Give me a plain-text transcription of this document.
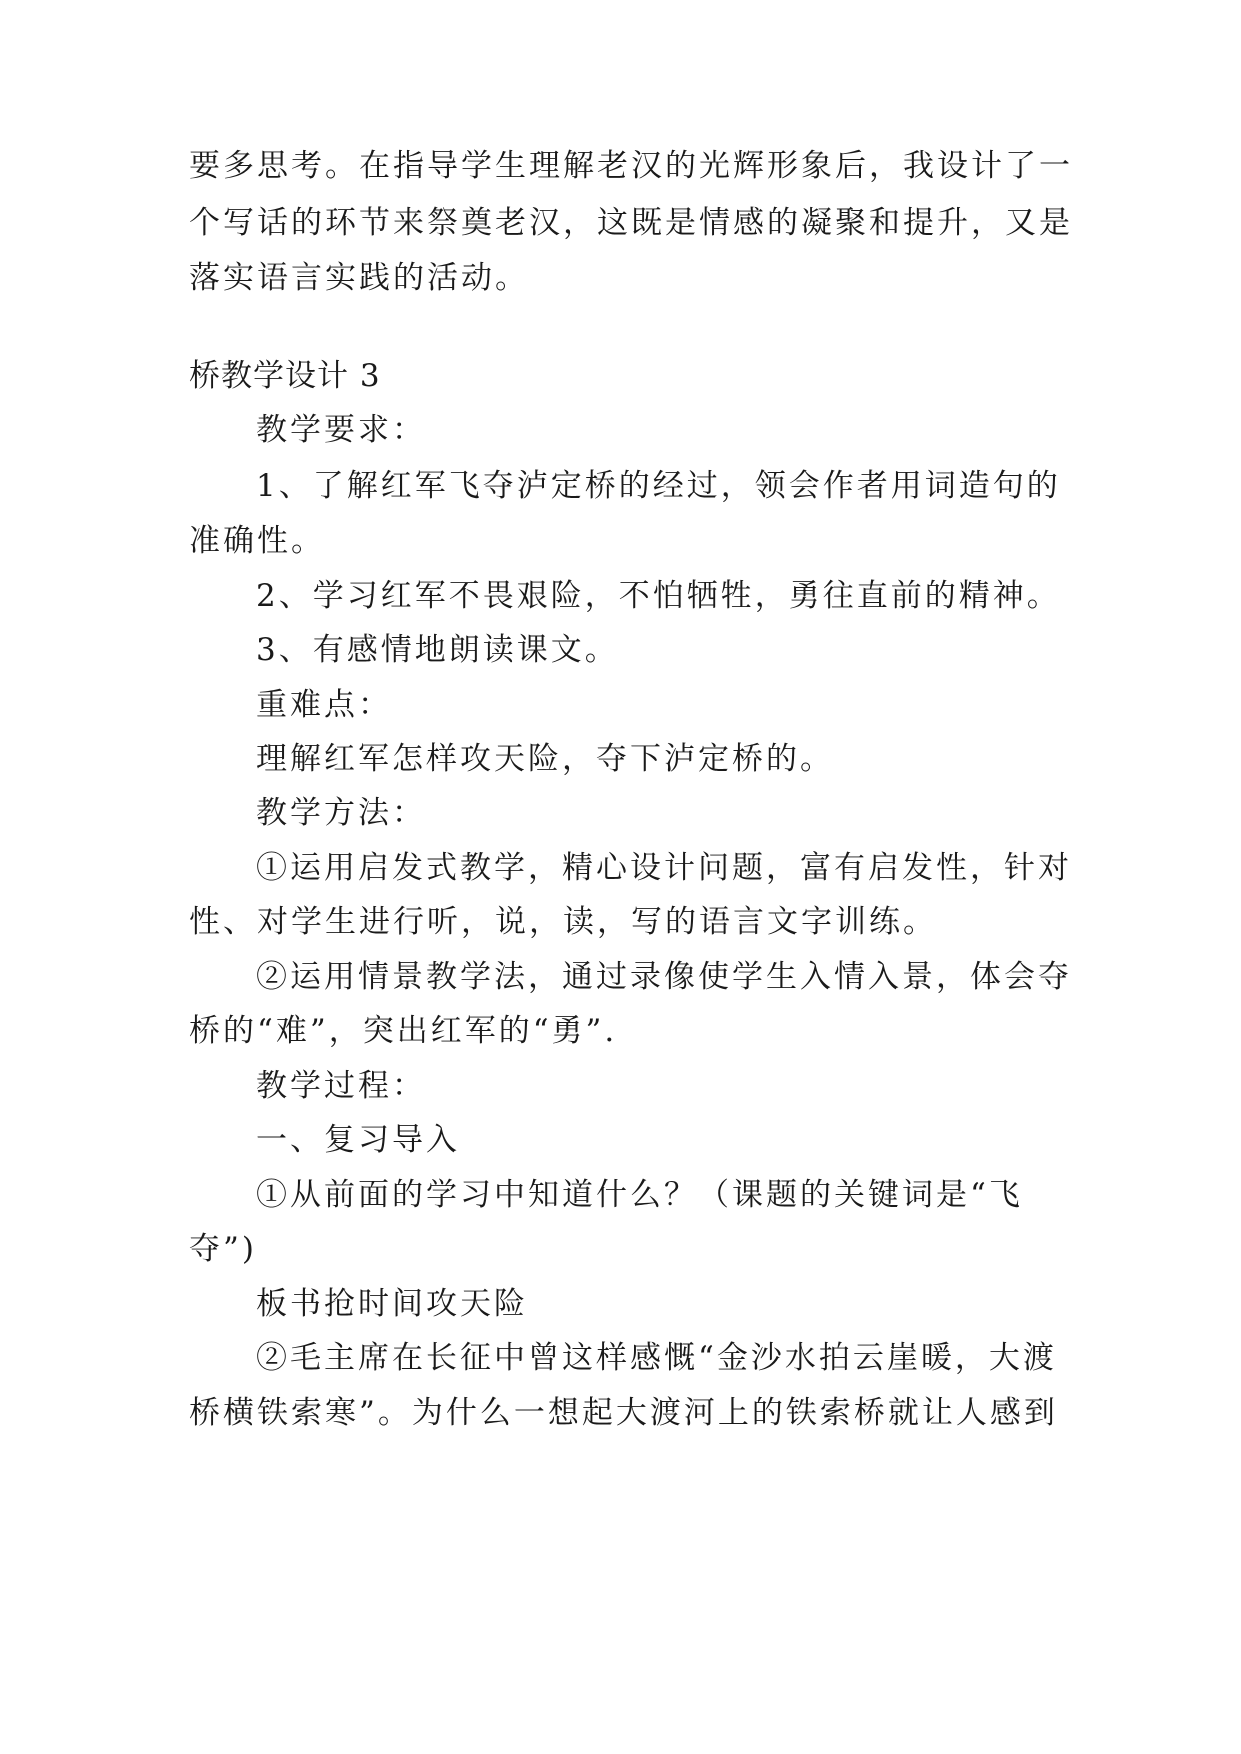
要多思考。在指导学生理解老汉的光辉形象后，我设计了一
个写话的环节来祭奠老汉，这既是情感的凝聚和提升，又是
落实语言实践的活动。
桥教学设计 3
教学要求：
1、了解红军飞夺泸定桥的经过，领会作者用词造句的
准确性。
2、学习红军不畏艰险，不怕牺牲，勇往直前的精神。
3、有感情地朗读课文。
重难点：
理解红军怎样攻天险，夺下泸定桥的。
教学方法：
①运用启发式教学，精心设计问题，富有启发性，针对
性、对学生进行听，说，读，写的语言文字训练。
②运用情景教学法，通过录像使学生入情入景，体会夺
桥的“难”，突出红军的“勇”.
教学过程：
一、复习导入
①从前面的学习中知道什么？（课题的关键词是“飞
夺”)
板书抢时间攻天险
②毛主席在长征中曾这样感慨“金沙水拍云崖暖，大渡
桥横铁索寒”。为什么一想起大渡河上的铁索桥就让人感到
